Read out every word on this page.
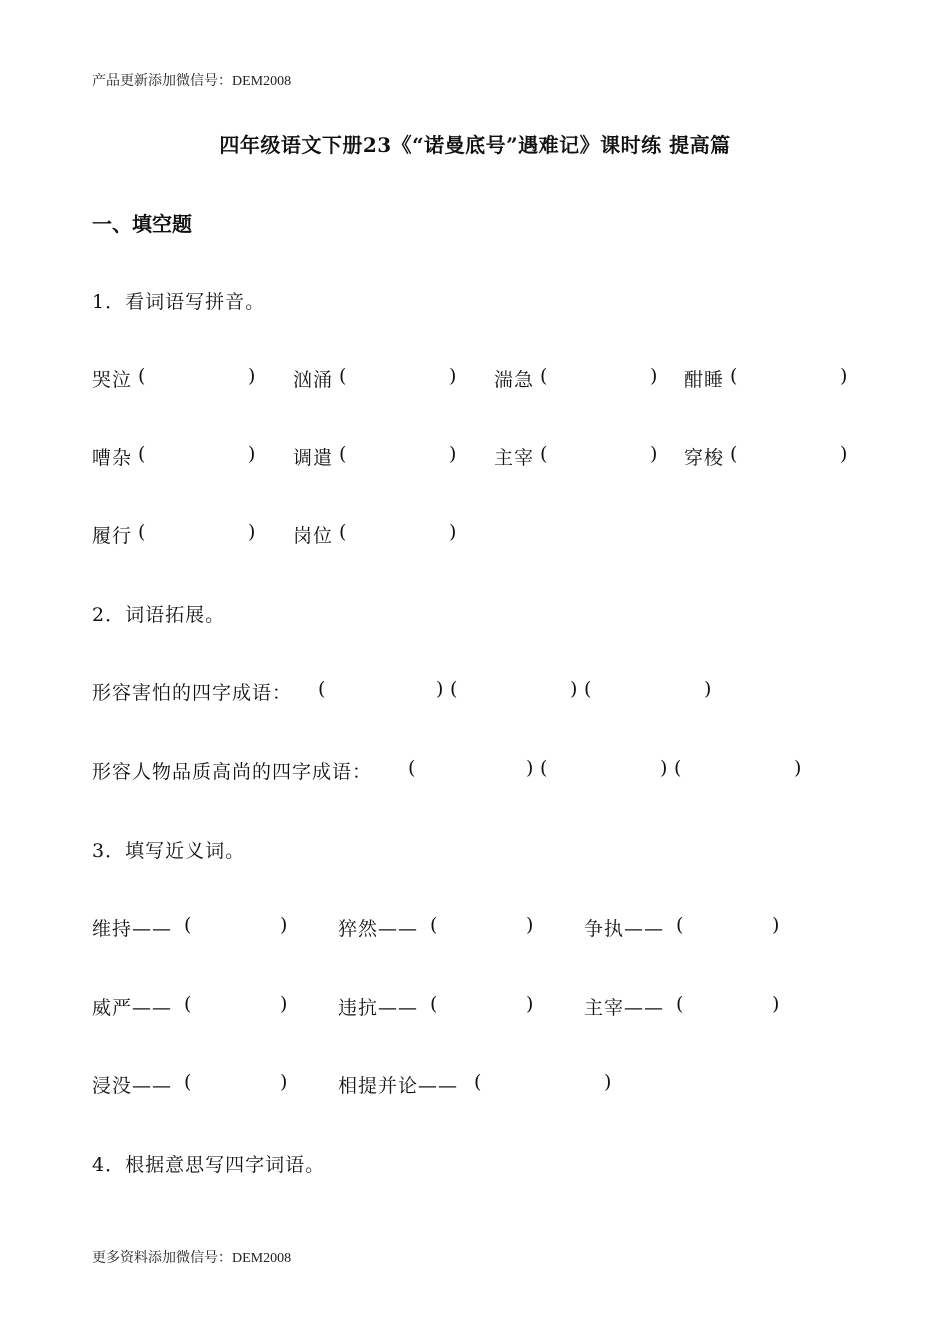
产品更新添加微信号：DEM2008
四年级语文下册23《“诺曼底号”遇难记》课时练 提高篇
一、填空题
1．看词语写拼音。
哭泣 (	) 汹涌 (	) 湍急 (	) 酣睡 (	)
嘈杂 (	) 调遣 (	) 主宰 (	) 穿梭 (	)
履行 (	) 岗位 (	)
2．词语拓展。
形容害怕的四字成语： (	) (	) (	)
形容人物品质高尚的四字成语： (	) (	) (	)
3．填写近义词。
维持—— (	)	猝然—— (	)	争执—— (	)
威严—— (	)	违抗—— (	)	主宰—— (	)
浸没—— (	)	相提并论—— (	)
4．根据意思写四字词语。
更多资料添加微信号：DEM2008
